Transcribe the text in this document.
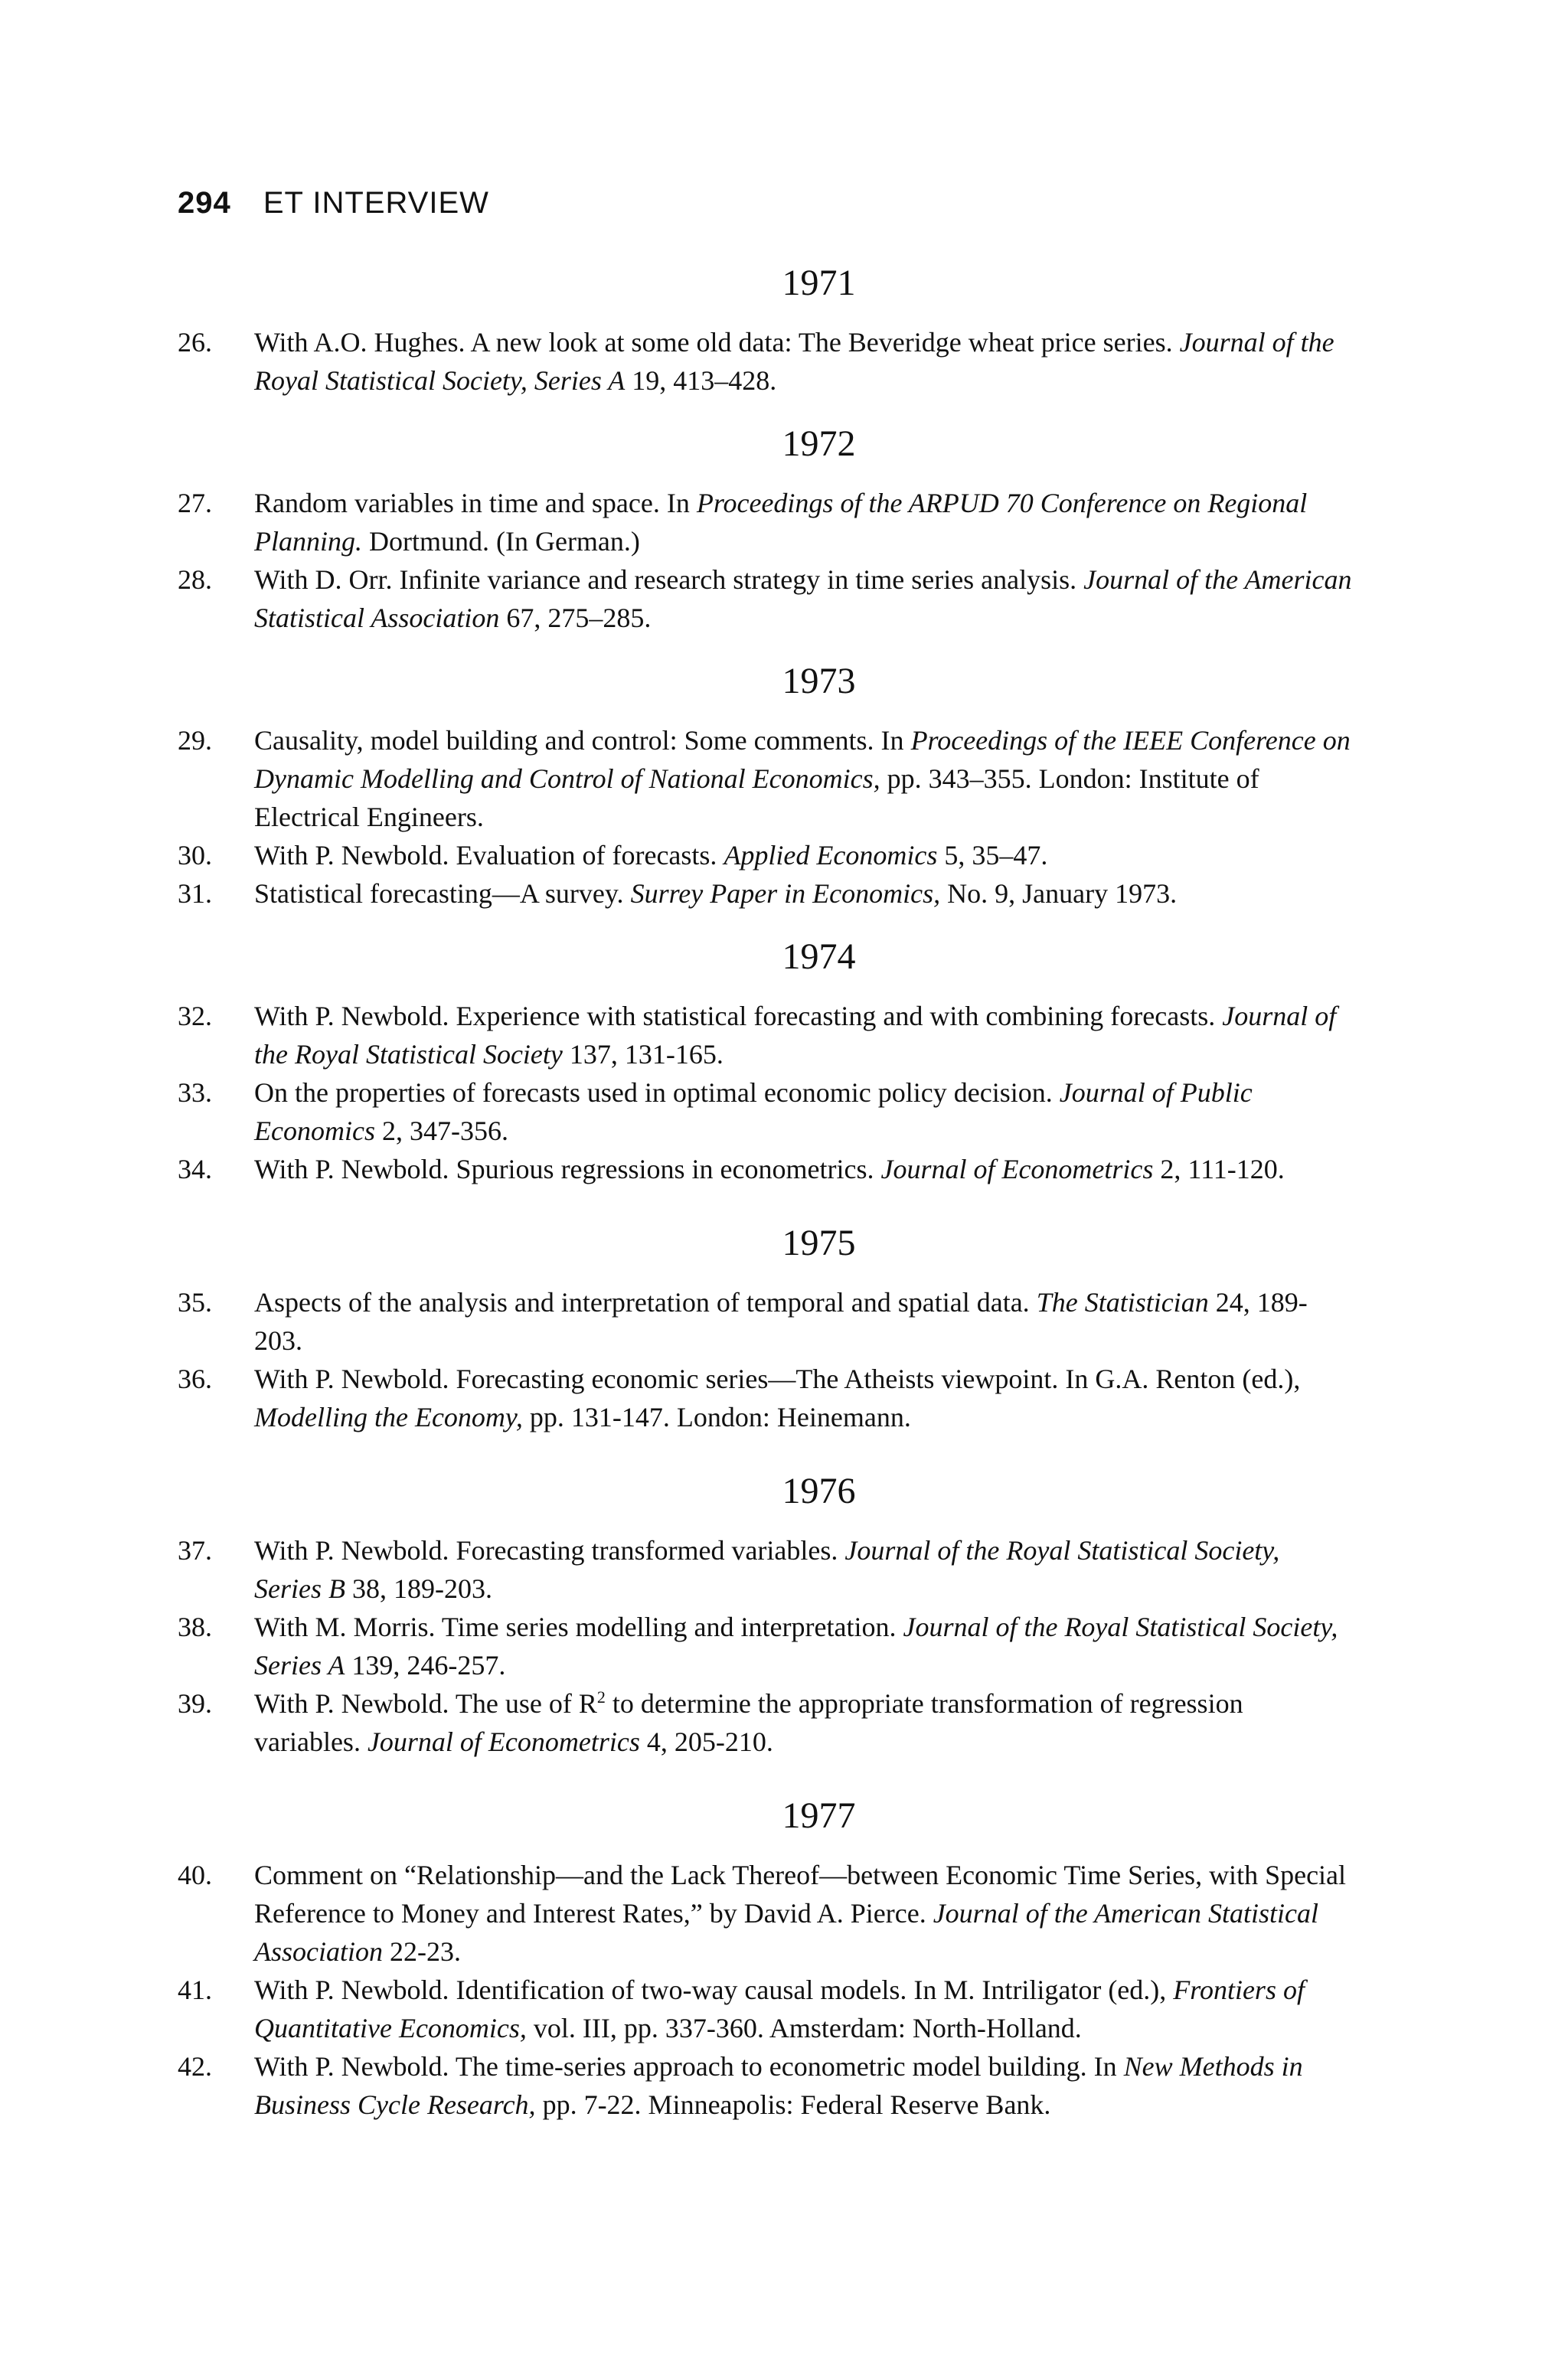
294 ET INTERVIEW
1971
26. With A.O. Hughes. A new look at some old data: The Beveridge wheat price series. Journal of the Royal Statistical Society, Series A 19, 413–428.
1972
27. Random variables in time and space. In Proceedings of the ARPUD 70 Conference on Regional Planning. Dortmund. (In German.)
28. With D. Orr. Infinite variance and research strategy in time series analysis. Journal of the American Statistical Association 67, 275–285.
1973
29. Causality, model building and control: Some comments. In Proceedings of the IEEE Conference on Dynamic Modelling and Control of National Economics, pp. 343–355. London: Institute of Electrical Engineers.
30. With P. Newbold. Evaluation of forecasts. Applied Economics 5, 35–47.
31. Statistical forecasting—A survey. Surrey Paper in Economics, No. 9, January 1973.
1974
32. With P. Newbold. Experience with statistical forecasting and with combining forecasts. Journal of the Royal Statistical Society 137, 131-165.
33. On the properties of forecasts used in optimal economic policy decision. Journal of Public Economics 2, 347-356.
34. With P. Newbold. Spurious regressions in econometrics. Journal of Econometrics 2, 111-120.
1975
35. Aspects of the analysis and interpretation of temporal and spatial data. The Statistician 24, 189-203.
36. With P. Newbold. Forecasting economic series—The Atheists viewpoint. In G.A. Renton (ed.), Modelling the Economy, pp. 131-147. London: Heinemann.
1976
37. With P. Newbold. Forecasting transformed variables. Journal of the Royal Statistical Society, Series B 38, 189-203.
38. With M. Morris. Time series modelling and interpretation. Journal of the Royal Statistical Society, Series A 139, 246-257.
39. With P. Newbold. The use of $R^2$ to determine the appropriate transformation of regression variables. Journal of Econometrics 4, 205-210.
1977
40. Comment on “Relationship—and the Lack Thereof—between Economic Time Series, with Special Reference to Money and Interest Rates,” by David A. Pierce. Journal of the American Statistical Association 22-23.
41. With P. Newbold. Identification of two-way causal models. In M. Intriligator (ed.), Frontiers of Quantitative Economics, vol. III, pp. 337-360. Amsterdam: North-Holland.
42. With P. Newbold. The time-series approach to econometric model building. In New Methods in Business Cycle Research, pp. 7-22. Minneapolis: Federal Reserve Bank.
